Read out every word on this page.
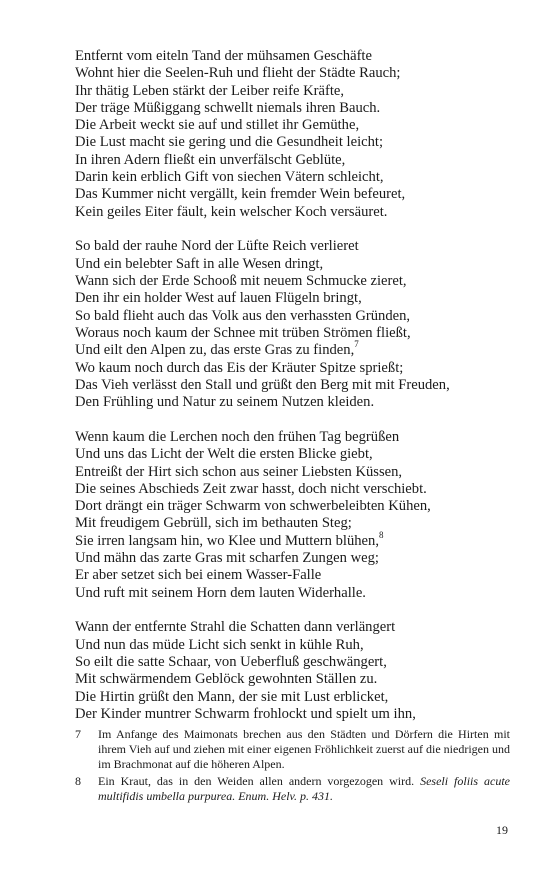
Entfernt vom eiteln Tand der mühsamen Geschäfte
Wohnt hier die Seelen-Ruh und flieht der Städte Rauch;
Ihr thätig Leben stärkt der Leiber reife Kräfte,
Der träge Müßiggang schwellt niemals ihren Bauch.
Die Arbeit weckt sie auf und stillet ihr Gemüthe,
Die Lust macht sie gering und die Gesundheit leicht;
In ihren Adern fließt ein unverfälscht Geblüte,
Darin kein erblich Gift von siechen Vätern schleicht,
Das Kummer nicht vergällt, kein fremder Wein befeuret,
Kein geiles Eiter fäult, kein welscher Koch versäuret.
So bald der rauhe Nord der Lüfte Reich verlieret
Und ein belebter Saft in alle Wesen dringt,
Wann sich der Erde Schooß mit neuem Schmucke zieret,
Den ihr ein holder West auf lauen Flügeln bringt,
So bald flieht auch das Volk aus den verhassten Gründen,
Woraus noch kaum der Schnee mit trüben Strömen fließt,
Und eilt den Alpen zu, das erste Gras zu finden,$^7$
Wo kaum noch durch das Eis der Kräuter Spitze sprießt;
Das Vieh verlässt den Stall und grüßt den Berg mit mit Freuden,
Den Frühling und Natur zu seinem Nutzen kleiden.
Wenn kaum die Lerchen noch den frühen Tag begrüßen
Und uns das Licht der Welt die ersten Blicke giebt,
Entreißt der Hirt sich schon aus seiner Liebsten Küssen,
Die seines Abschieds Zeit zwar hasst, doch nicht verschiebt.
Dort drängt ein träger Schwarm von schwerbeleibten Kühen,
Mit freudigem Gebrüll, sich im bethauten Steg;
Sie irren langsam hin, wo Klee und Muttern blühen,$^8$
Und mähn das zarte Gras mit scharfen Zungen weg;
Er aber setzet sich bei einem Wasser-Falle
Und ruft mit seinem Horn dem lauten Widerhalle.
Wann der entfernte Strahl die Schatten dann verlängert
Und nun das müde Licht sich senkt in kühle Ruh,
So eilt die satte Schaar, von Ueberfluß geschwängert,
Mit schwärmendem Geblöck gewohnten Ställen zu.
Die Hirtin grüßt den Mann, der sie mit Lust erblicket,
Der Kinder muntrer Schwarm frohlockt und spielt um ihn,
7	Im Anfange des Maimonats brechen aus den Städten und Dörfern die Hirten mit ihrem Vieh auf und ziehen mit einer eigenen Fröhlichkeit zuerst auf die niedrigen und im Brachmonat auf die höheren Alpen.
8	Ein Kraut, das in den Weiden allen andern vorgezogen wird. Seseli foliis acute multifidis umbella purpurea. Enum. Helv. p. 431.
19
